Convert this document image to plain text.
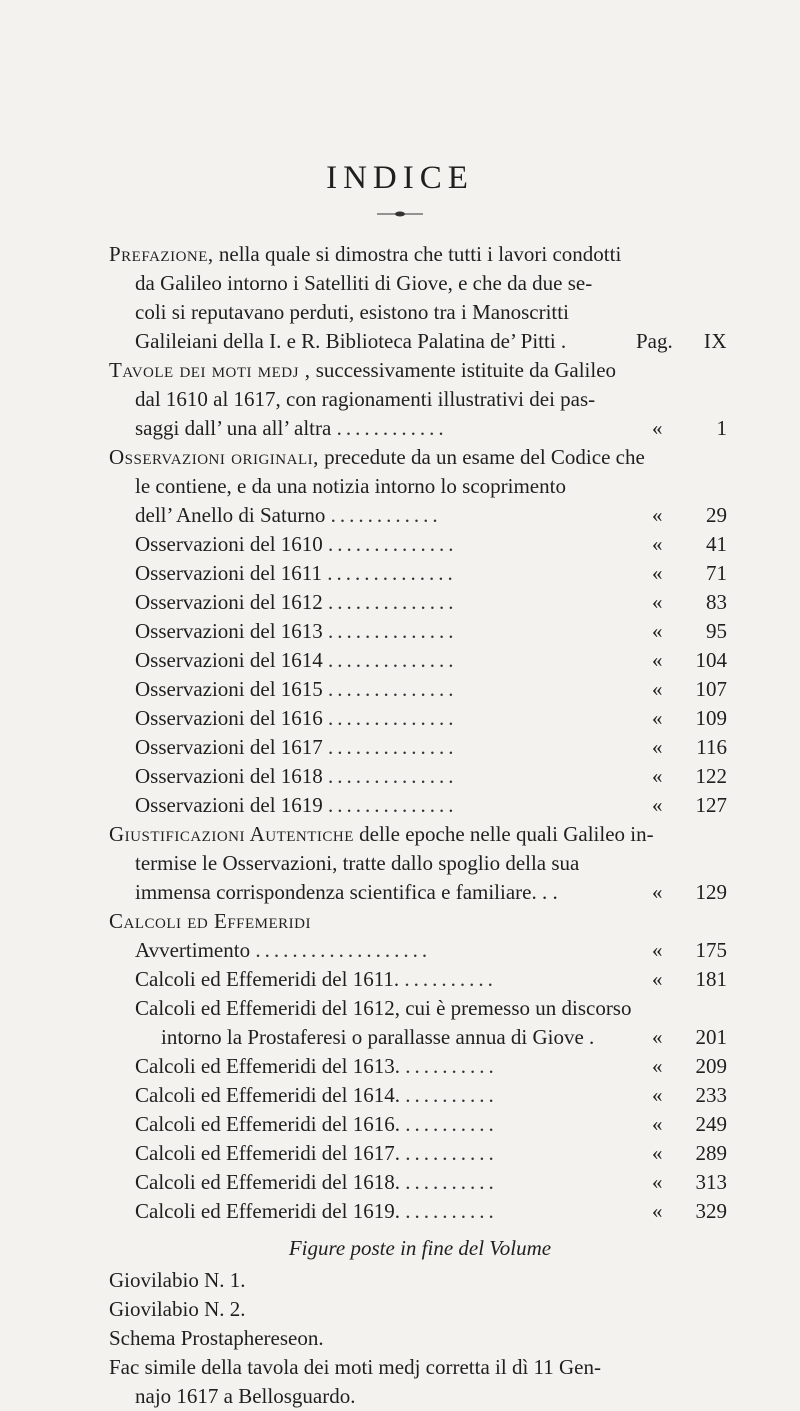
INDICE
Prefazione, nella quale si dimostra che tutti i lavori condotti
da Galileo intorno i Satelliti di Giove, e che da due se-
coli si reputavano perduti, esistono tra i Manoscritti
Galileiani della I. e R. Biblioteca Palatina de’ Pitti .	Pag.	IX
Tavole dei moti medj , successivamente istituite da Galileo
dal 1610 al 1617, con ragionamenti illustrativi dei pas-
saggi dall’ una all’ altra ............	«	1
Osservazioni originali, precedute da un esame del Codice che
le contiene, e da una notizia intorno lo scoprimento
dell’ Anello di Saturno ............	«	29
Osservazioni del 1610 ..............	«	41
Osservazioni del 1611 ..............	«	71
Osservazioni del 1612 ..............	«	83
Osservazioni del 1613 ..............	«	95
Osservazioni del 1614 ..............	«	104
Osservazioni del 1615 ..............	«	107
Osservazioni del 1616 ..............	«	109
Osservazioni del 1617 ..............	«	116
Osservazioni del 1618 ..............	«	122
Osservazioni del 1619 ..............	«	127
Giustificazioni Autentiche delle epoche nelle quali Galileo in-
termise le Osservazioni, tratte dallo spoglio della sua
immensa corrispondenza scientifica e familiare. . .	«	129
Calcoli ed Effemeridi
Avvertimento ...................	«	175
Calcoli ed Effemeridi del 1611. ..........	«	181
Calcoli ed Effemeridi del 1612, cui è premesso un discorso
intorno la Prostaferesi o parallasse annua di Giove .	«	201
Calcoli ed Effemeridi del 1613. ..........	«	209
Calcoli ed Effemeridi del 1614. ..........	«	233
Calcoli ed Effemeridi del 1616. ..........	«	249
Calcoli ed Effemeridi del 1617. ..........	«	289
Calcoli ed Effemeridi del 1618. ..........	«	313
Calcoli ed Effemeridi del 1619. ..........	«	329
Figure poste in fine del Volume
Giovilabio N. 1.
Giovilabio N. 2.
Schema Prostaphereseon.
Fac simile della tavola dei moti medj corretta il dì 11 Gen-
najo 1617 a Bellosguardo.
